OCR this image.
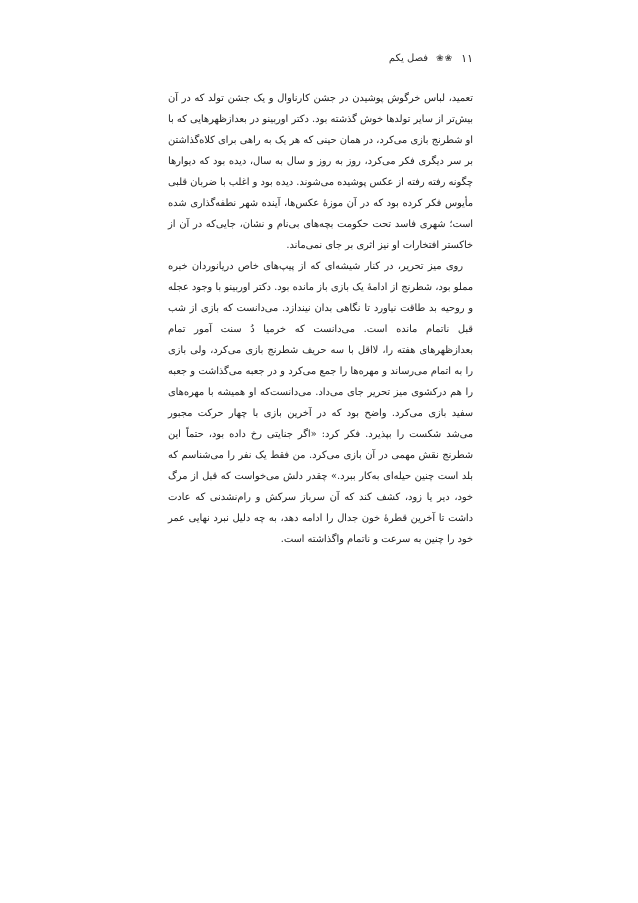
١١
❀❀
فصل یکم

تعمید، لباس خرگوش پوشیدن در جشن کارناوال و یک جشن تولد که در آن بیش‌تر از سایر تولدها خوش گذشته بود. دکتر اوربینو در بعدازظهرهایی که با او شطرنج بازی می‌کرد، در همان حینی که هر یک به راهی برای کلاه‌گذاشتن بر سر دیگری فکر می‌کرد، روز به روز و سال به سال، دیده بود که دیوارها چگونه رفته رفته از عکس پوشیده می‌شوند. دیده بود و اغلب با ضربان قلبی مأیوس فکر کرده بود که در آن موزهٔ عکس‌ها، آینده شهر نطفه‌گذاری شده است؛ شهری فاسد تحت حکومت بچه‌های بی‌نام و نشان، جایی‌که در آن از خاکستر افتخارات او نیز اثری بر جای نمی‌ماند.

روی میز تحریر، در کنار شیشه‌ای که از پیپ‌های خاص دریانوردان خبره مملو بود، شطرنج از ادامهٔ یک بازی باز مانده بود. دکتر اوربینو با وجود عجله و روحیه بد طاقت نیاورد تا نگاهی بدان نیندازد. می‌دانست که بازی از شب قبل ناتمام مانده است. می‌دانست که خرمیا دُ سنت آمور تمام بعدازظهرهای هفته را، لااقل با سه حریف شطرنج بازی می‌کرد، ولی بازی را به اتمام می‌رساند و مهره‌ها را جمع می‌کرد و در جعبه می‌گذاشت و جعبه را هم درکشوی میز تحریر جای می‌داد. می‌دانست‌که او همیشه با مهره‌های سفید بازی می‌کرد. واضح بود که در آخرین بازی با چهار حرکت مجبور می‌شد شکست را بپذیرد. فکر کرد: «اگر جنایتی رخ داده بود، حتماً این شطرنج نقش مهمی در آن بازی می‌کرد. من فقط یک نفر را می‌شناسم که بلد است چنین حیله‌ای به‌کار ببرد.» چقدر دلش می‌خواست که قبل از مرگ خود، دیر یا زود، کشف کند که آن سرباز سرکش و رام‌نشدنی که عادت داشت تا آخرین قطرهٔ خون جدال را ادامه دهد، به چه دلیل نبرد نهایی عمر خود را چنین به سرعت و ناتمام واگذاشته است.
